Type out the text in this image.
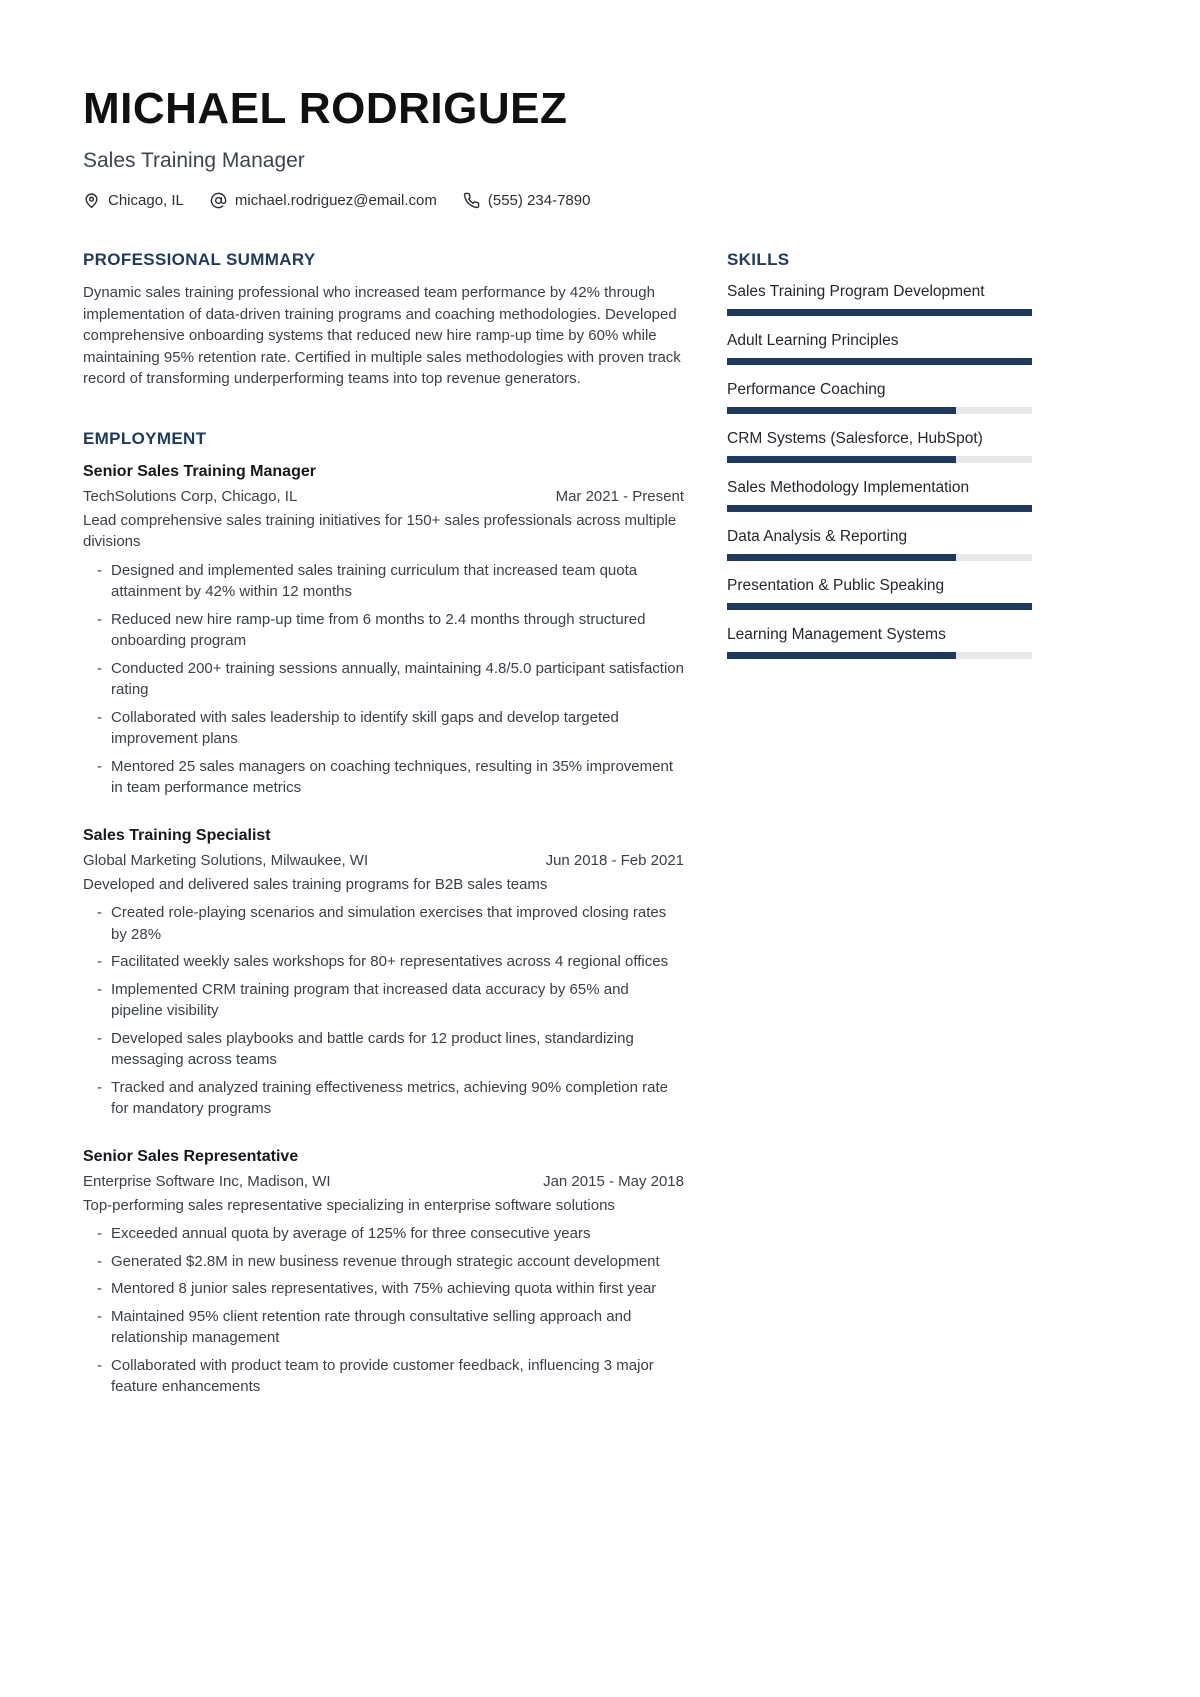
MICHAEL RODRIGUEZ
Sales Training Manager
Chicago, IL	michael.rodriguez@email.com	(555) 234-7890
PROFESSIONAL SUMMARY
Dynamic sales training professional who increased team performance by 42% through implementation of data-driven training programs and coaching methodologies. Developed comprehensive onboarding systems that reduced new hire ramp-up time by 60% while maintaining 95% retention rate. Certified in multiple sales methodologies with proven track record of transforming underperforming teams into top revenue generators.
EMPLOYMENT
Senior Sales Training Manager
TechSolutions Corp, Chicago, IL	Mar 2021 - Present
Lead comprehensive sales training initiatives for 150+ sales professionals across multiple divisions
- Designed and implemented sales training curriculum that increased team quota attainment by 42% within 12 months
- Reduced new hire ramp-up time from 6 months to 2.4 months through structured onboarding program
- Conducted 200+ training sessions annually, maintaining 4.8/5.0 participant satisfaction rating
- Collaborated with sales leadership to identify skill gaps and develop targeted improvement plans
- Mentored 25 sales managers on coaching techniques, resulting in 35% improvement in team performance metrics
Sales Training Specialist
Global Marketing Solutions, Milwaukee, WI	Jun 2018 - Feb 2021
Developed and delivered sales training programs for B2B sales teams
- Created role-playing scenarios and simulation exercises that improved closing rates by 28%
- Facilitated weekly sales workshops for 80+ representatives across 4 regional offices
- Implemented CRM training program that increased data accuracy by 65% and pipeline visibility
- Developed sales playbooks and battle cards for 12 product lines, standardizing messaging across teams
- Tracked and analyzed training effectiveness metrics, achieving 90% completion rate for mandatory programs
Senior Sales Representative
Enterprise Software Inc, Madison, WI	Jan 2015 - May 2018
Top-performing sales representative specializing in enterprise software solutions
- Exceeded annual quota by average of 125% for three consecutive years
- Generated $2.8M in new business revenue through strategic account development
- Mentored 8 junior sales representatives, with 75% achieving quota within first year
- Maintained 95% client retention rate through consultative selling approach and relationship management
- Collaborated with product team to provide customer feedback, influencing 3 major feature enhancements
SKILLS
Sales Training Program Development
Adult Learning Principles
Performance Coaching
CRM Systems (Salesforce, HubSpot)
Sales Methodology Implementation
Data Analysis & Reporting
Presentation & Public Speaking
Learning Management Systems
